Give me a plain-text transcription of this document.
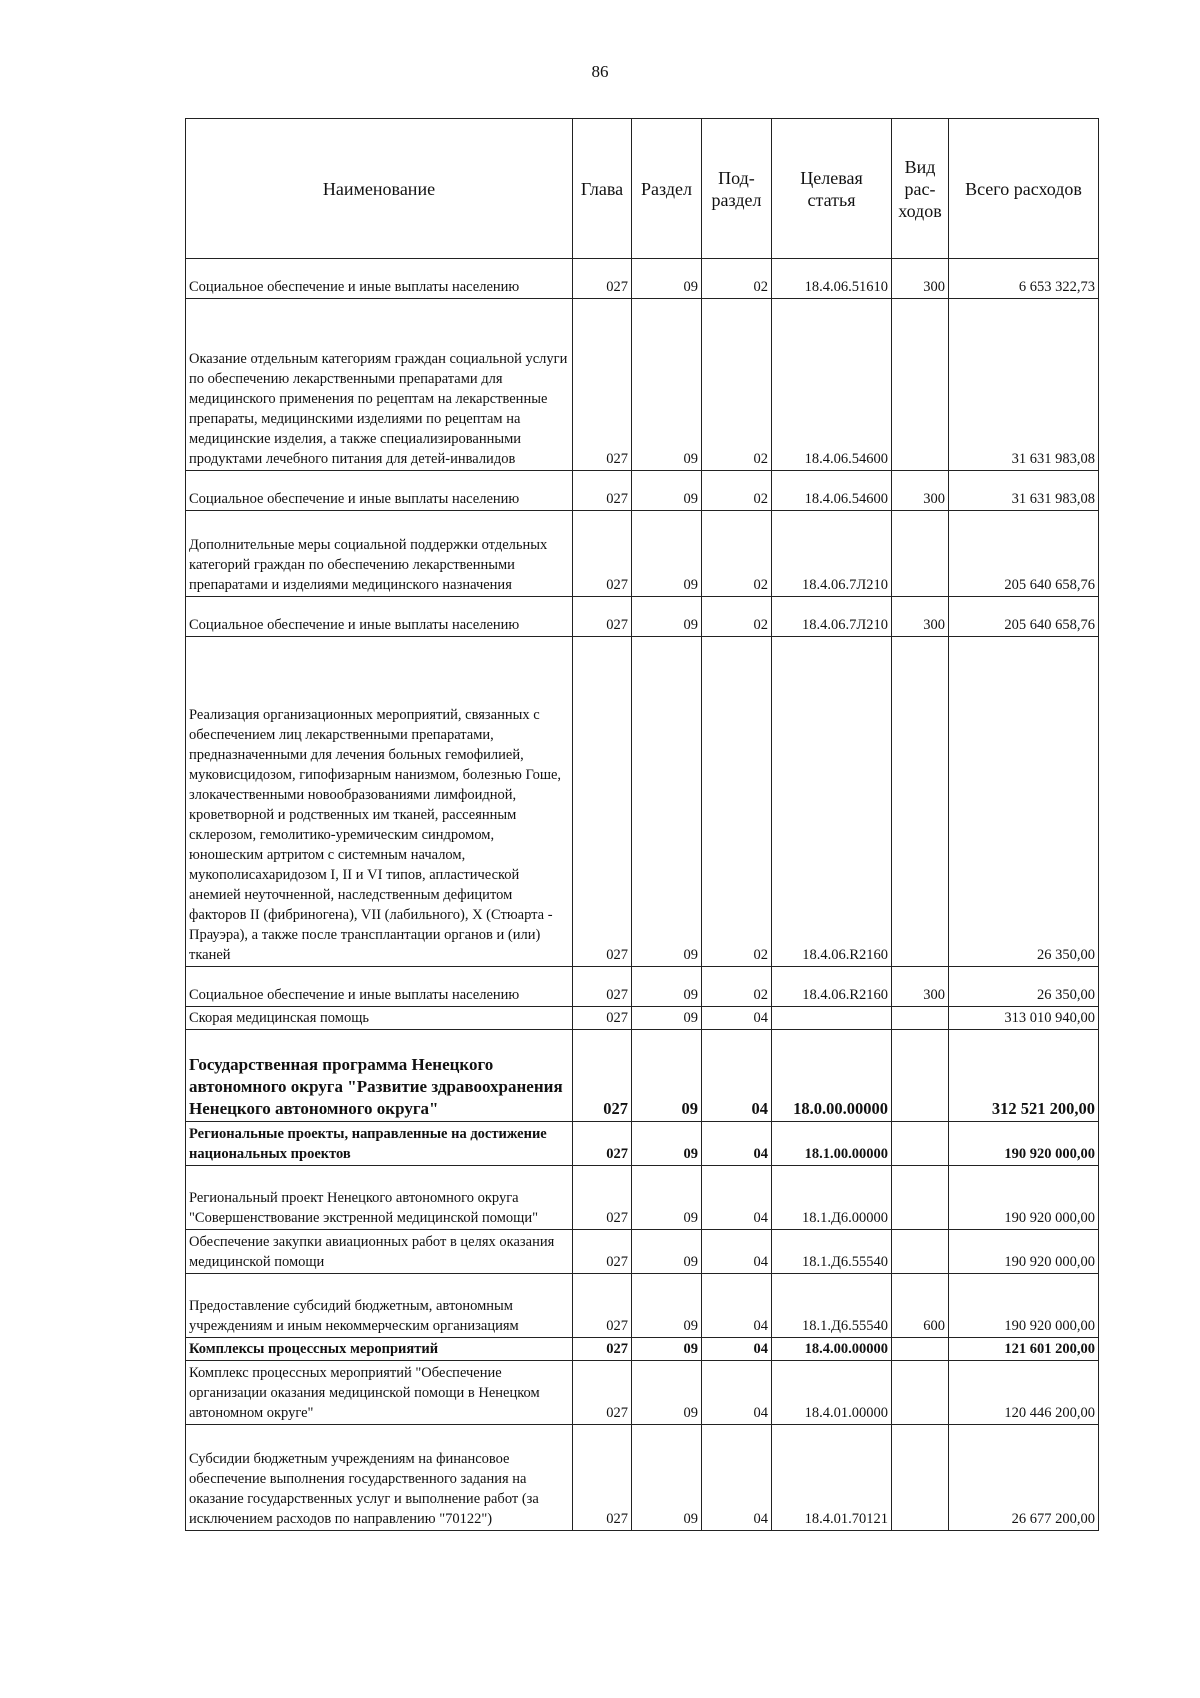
86
Наименование	Глава	Раздел	Под-раздел	Целевая статья	Вид рас-ходов	Всего расходов
Социальное обеспечение и иные выплаты населению	027	09	02	18.4.06.51610	300	6 653 322,73
Оказание отдельным категориям граждан социальной услуги по обеспечению лекарственными препаратами для медицинского применения по рецептам на лекарственные препараты, медицинскими изделиями по рецептам на медицинские изделия, а также специализированными продуктами лечебного питания для детей-инвалидов	027	09	02	18.4.06.54600		31 631 983,08
Социальное обеспечение и иные выплаты населению	027	09	02	18.4.06.54600	300	31 631 983,08
Дополнительные меры социальной поддержки отдельных категорий граждан по обеспечению лекарственными препаратами и изделиями медицинского назначения	027	09	02	18.4.06.7Л210		205 640 658,76
Социальное обеспечение и иные выплаты населению	027	09	02	18.4.06.7Л210	300	205 640 658,76
Реализация организационных мероприятий, связанных с обеспечением лиц лекарственными препаратами, предназначенными для лечения больных гемофилией, муковисцидозом, гипофизарным нанизмом, болезнью Гоше, злокачественными новообразованиями лимфоидной, кроветворной и родственных им тканей, рассеянным склерозом, гемолитико-уремическим синдромом, юношеским артритом с системным началом, мукополисахаридозом I, II и VI типов, апластической анемией неуточненной, наследственным дефицитом факторов II (фибриногена), VII (лабильного), X (Стюарта - Прауэра), а также после трансплантации органов и (или) тканей	027	09	02	18.4.06.R2160		26 350,00
Социальное обеспечение и иные выплаты населению	027	09	02	18.4.06.R2160	300	26 350,00
Скорая медицинская помощь	027	09	04			313 010 940,00
Государственная программа Ненецкого автономного округа "Развитие здравоохранения Ненецкого автономного округа"	027	09	04	18.0.00.00000		312 521 200,00
Региональные проекты, направленные на достижение национальных проектов	027	09	04	18.1.00.00000		190 920 000,00
Региональный проект Ненецкого автономного округа "Совершенствование экстренной медицинской помощи"	027	09	04	18.1.Д6.00000		190 920 000,00
Обеспечение закупки авиационных работ в целях оказания медицинской помощи	027	09	04	18.1.Д6.55540		190 920 000,00
Предоставление субсидий бюджетным, автономным учреждениям и иным некоммерческим организациям	027	09	04	18.1.Д6.55540	600	190 920 000,00
Комплексы процессных мероприятий	027	09	04	18.4.00.00000		121 601 200,00
Комплекс процессных мероприятий "Обеспечение организации оказания медицинской помощи в Ненецком автономном округе"	027	09	04	18.4.01.00000		120 446 200,00
Субсидии бюджетным учреждениям на финансовое обеспечение выполнения государственного задания на оказание государственных услуг и выполнение работ (за исключением расходов по направлению "70122")	027	09	04	18.4.01.70121		26 677 200,00
